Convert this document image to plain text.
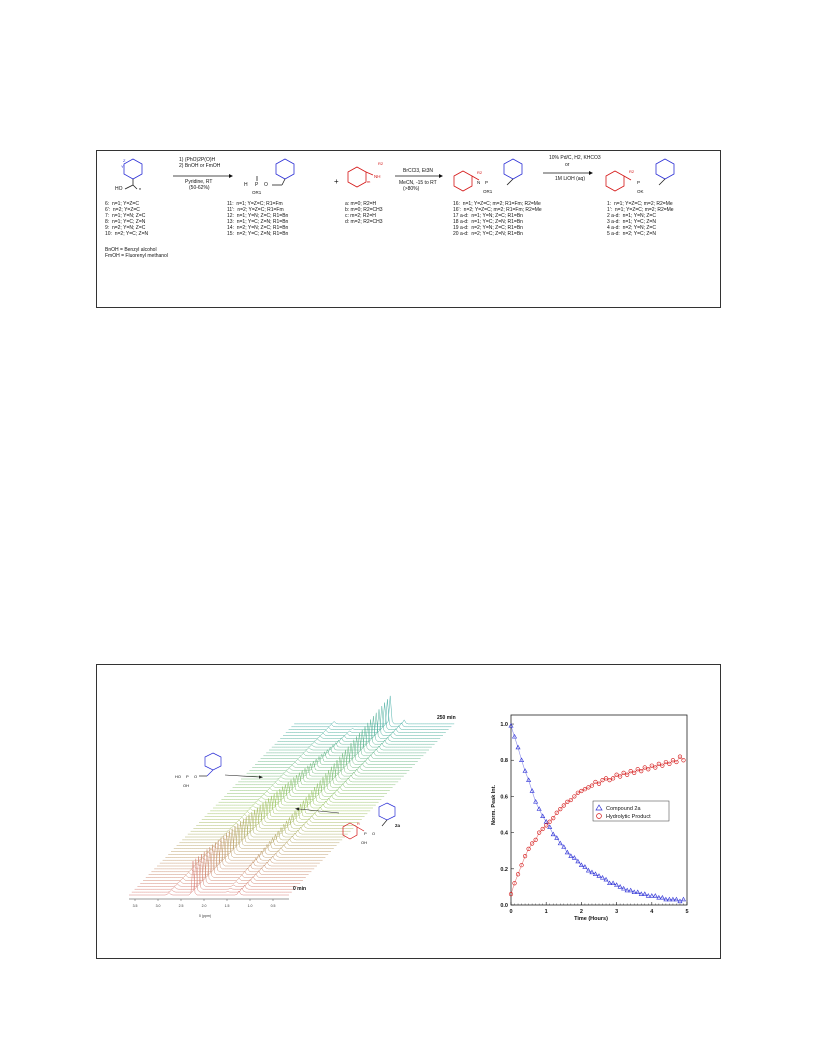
Z
Y
HO	n
H P O
OR1
+
NH
R2
m	N P
OR1
R2
P
OK
R2
1) (PhO)2P(O)H
2) BnOH or FmOH
Pyridine, RT
(50-62%)
BrCCl3, Et3N
MeCN, -15 to RT
(>80%)
10% Pd/C, H2, KHCO3
or
1M LiOH (aq)
6:  n=1; Y=Z=C
6':  n=2; Y=Z=C
7:  n=1; Y=N; Z=C
8:  n=1; Y=C; Z=N
9:  n=2; Y=N; Z=C
10:  n=2; Y=C; Z=N
BnOH = Benzyl alcohol
FmOH = Fluorenyl methanol
11:  n=1; Y=Z=C; R1=Fm
11':  n=2; Y=Z=C; R1=Fm
12:  n=1; Y=N; Z=C; R1=Bn
13:  n=1; Y=C; Z=N; R1=Bn
14:  n=2; Y=N; Z=C; R1=Bn
15:  n=2; Y=C; Z=N; R1=Bn
a: m=0; R2=H
b: m=0; R2=CH3
c: m=2; R2=H
d: m=2; R2=CH3
16:  n=1; Y=Z=C; m=2; R1=Fm; R2=Me
16':  n=2; Y=Z=C; m=2; R1=Fm; R2=Me
17 a-d:  n=1; Y=N; Z=C; R1=Bn
18 a-d:  n=1; Y=C; Z=N; R1=Bn
19 a-d:  n=2; Y=N; Z=C; R1=Bn
20 a-d:  n=2; Y=C; Z=N; R1=Bn
1:  n=1; Y=Z=C; m=2; R2=Me
1':  n=1; Y=Z=C; m=2; R2=Me
2 a-d:  n=1; Y=N; Z=C
3 a-d:  n=1; Y=C; Z=N
4 a-d:  n=2; Y=N; Z=C
5 a-d:  n=2; Y=C; Z=N
3.5	3.0	2.5	2.0	1.5	1.0	0.5
δ (ppm)
250 min
0 min
HO P O
OH
P O
OH
H	2a
0	1	2	3	4	5
0.0
0.2
0.4
0.6
0.8
1.0
Time (Hours)
Norm. Peak Int.	Compound 2a
Hydrolytic Product
